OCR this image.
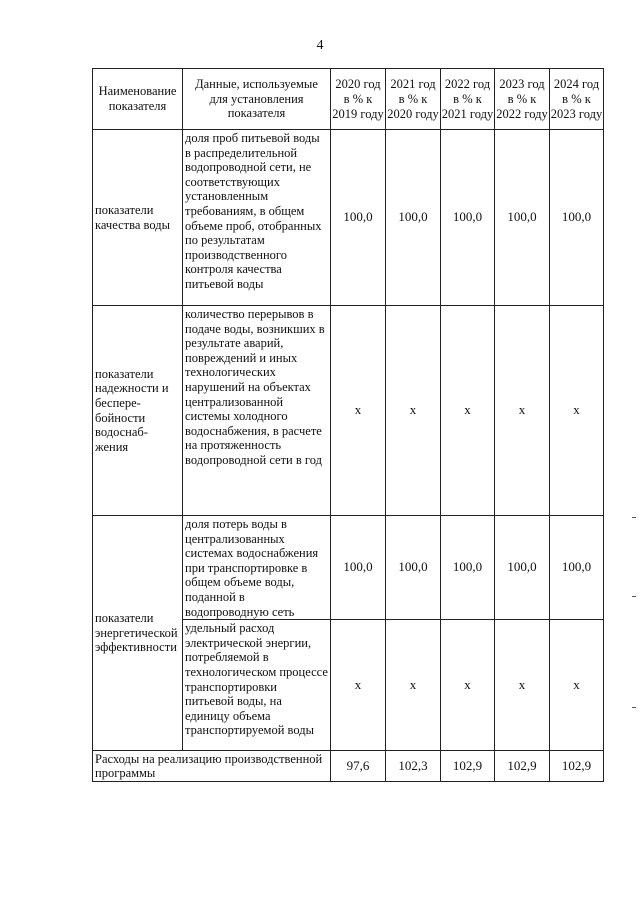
4
Наименование показателя	Данные, используемые для установления показателя	2020 год в % к 2019 году	2021 год в % к 2020 году	2022 год в % к 2021 году	2023 год в % к 2022 году	2024 год в % к 2023 году
показатели качества воды	доля проб питьевой воды в распределительной водопроводной сети, не соответствующих установленным требованиям, в общем объеме проб, отобранных по результатам производственного контроля качества питьевой воды	100,0	100,0	100,0	100,0	100,0
показатели надежности и беспере-бойности водоснаб-жения	количество перерывов в подаче воды, возникших в результате аварий, повреждений и иных технологических нарушений на объектах централизованной системы холодного водоснабжения, в расчете на протяженность водопроводной сети в год	x	x	x	x	x
показатели энергетической эффективности	доля потерь воды в централизованных системах водоснабжения при транспортировке в общем объеме воды, поданной в водопроводную сеть	100,0	100,0	100,0	100,0	100,0
	удельный расход электрической энергии, потребляемой в технологическом процессе транспортировки питьевой воды, на единицу объема транспортируемой воды	x	x	x	x	x
Расходы на реализацию производственной программы		97,6	102,3	102,9	102,9	102,9
